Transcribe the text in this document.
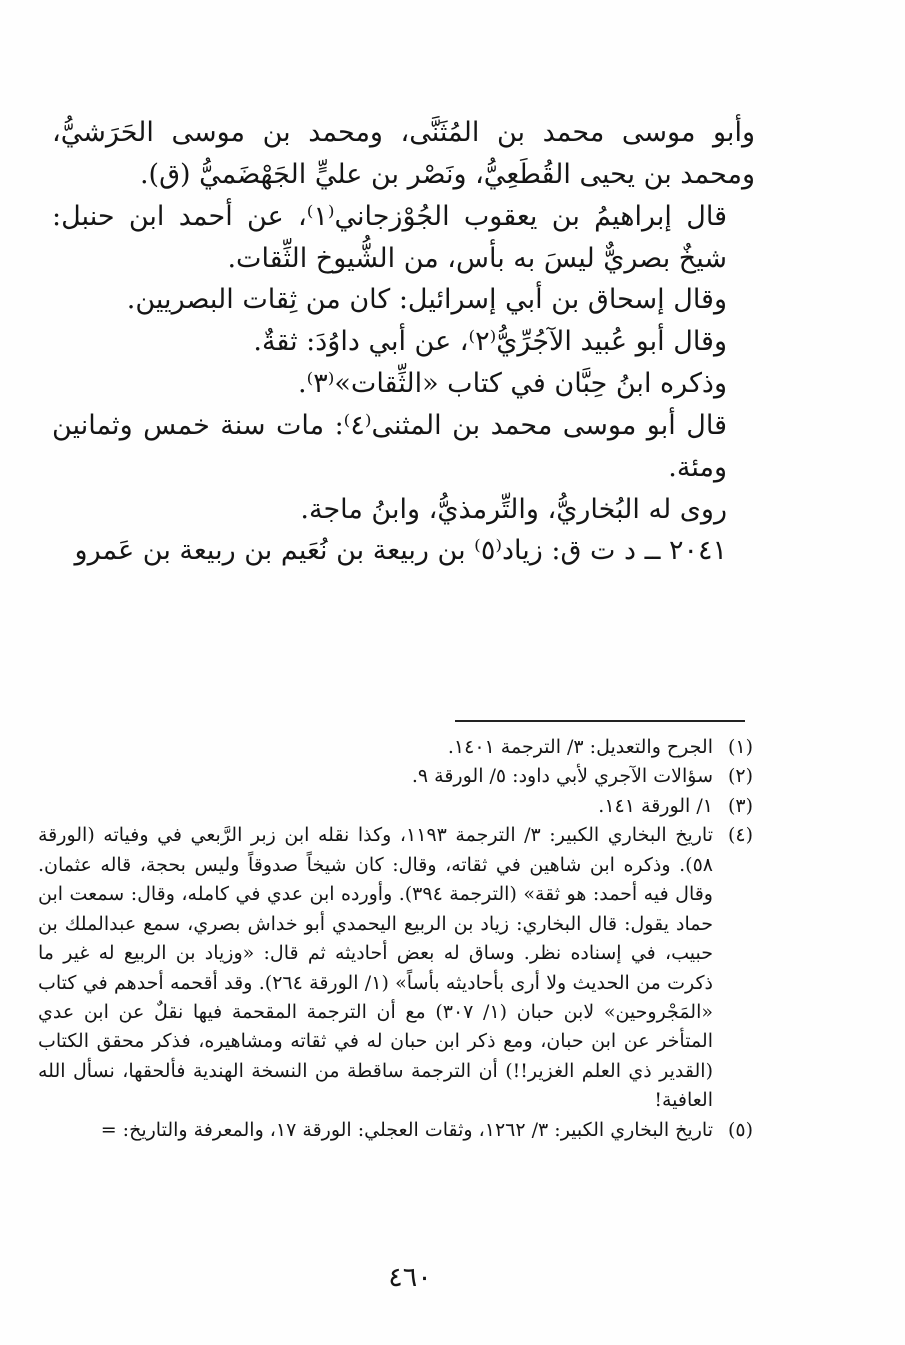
وأبو موسى محمد بن المُثَنَّى، ومحمد بن موسى الحَرَشيُّ، ومحمد بن يحيى القُطَعِيُّ، ونَصْر بن عليٍّ الجَهْضَميُّ (ق).

قال إبراهيمُ بن يعقوب الجُوْزجاني⁽١⁾، عن أحمد ابن حنبل: شيخٌ بصريٌّ ليسَ به بأس، من الشُّيوخ الثِّقات.

وقال إسحاق بن أبي إسرائيل: كان من ثِقات البصريين.

وقال أبو عُبيد الآجُرِّيُّ⁽٢⁾، عن أبي داوُدَ: ثقةٌ.

وذكره ابنُ حِبَّان في كتاب «الثِّقات»⁽٣⁾.

قال أبو موسى محمد بن المثنى⁽٤⁾: مات سنة خمس وثمانين ومئة.

روى له البُخاريُّ، والتِّرمذيُّ، وابنُ ماجة.

٢٠٤١ ــ د ت ق: زياد⁽٥⁾ بن ربيعة بن نُعَيم بن ربيعة بن عَمرو

(١)
الجرح والتعديل: ٣/ الترجمة ١٤٠١.
(٢)
سؤالات الآجري لأبي داود: ٥/ الورقة ٩.
(٣)
١/ الورقة ١٤١.
(٤)
تاريخ البخاري الكبير: ٣/ الترجمة ١١٩٣، وكذا نقله ابن زبر الرَّبعي في وفياته (الورقة ٥٨). وذكره ابن شاهين في ثقاته، وقال: كان شيخاً صدوقاً وليس بحجة، قاله عثمان. وقال فيه أحمد: هو ثقة» (الترجمة ٣٩٤). وأورده ابن عدي في كامله، وقال: سمعت ابن حماد يقول: قال البخاري: زياد بن الربيع اليحمدي أبو خداش بصري، سمع عبدالملك بن حبيب، في إسناده نظر. وساق له بعض أحاديثه ثم قال: «وزياد بن الربيع له غير ما ذكرت من الحديث ولا أرى بأحاديثه بأساً» (١/ الورقة ٢٦٤). وقد أقحمه أحدهم في كتاب «المَجْروحين» لابن حبان (١/ ٣٠٧) مع أن الترجمة المقحمة فيها نقلٌ عن ابن عدي المتأخر عن ابن حبان، ومع ذكر ابن حبان له في ثقاته ومشاهيره، فذكر محقق الكتاب (القدير ذي العلم الغزير!!) أن الترجمة ساقطة من النسخة الهندية فألحقها، نسأل الله العافية!
(٥)
تاريخ البخاري الكبير: ٣/ ١٢٦٢، وثقات العجلي: الورقة ١٧، والمعرفة والتاريخ: =
٤٦٠
